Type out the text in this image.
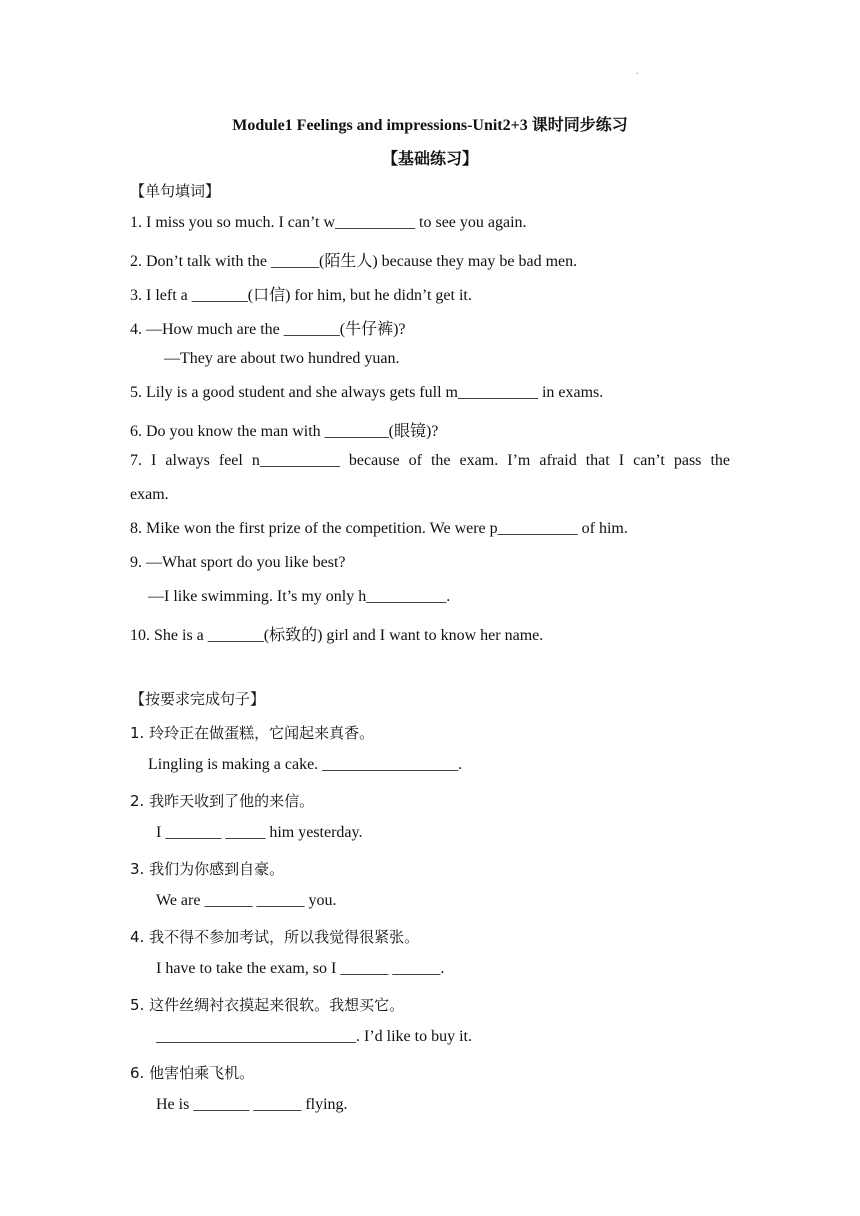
.
Module1 Feelings and impressions-Unit2+3 课时同步练习
【基础练习】
【单句填词】
1. I miss you so much. I can’t w__________ to see you again.
2. Don’t talk with the ______(陌生人) because they may be bad men.
3. I left a _______(口信) for him, but he didn’t get it.
4. —How much are the _______(牛仔裤)?
—They are about two hundred yuan.
5. Lily is a good student and she always gets full m__________ in exams.
6. Do you know the man with ________(眼镜)?
7. I always feel n__________ because of the exam. I’m afraid that I can’t pass the
exam.
8. Mike won the first prize of the competition. We were p__________ of him.
9. —What sport do you like best?
—I like swimming. It’s my only h__________.
10. She is a _______(标致的) girl and I want to know her name.
【按要求完成句子】
1. 玲玲正在做蛋糕，它闻起来真香。
Lingling is making a cake. _________________.
2. 我昨天收到了他的来信。
I _______ _____ him yesterday.
3. 我们为你感到自豪。
We are ______ ______ you.
4. 我不得不参加考试，所以我觉得很紧张。
I have to take the exam, so I ______ ______.
5. 这件丝绸衬衣摸起来很软。我想买它。
_________________________. I’d like to buy it.
6. 他害怕乘飞机。
He is _______ ______ flying.
